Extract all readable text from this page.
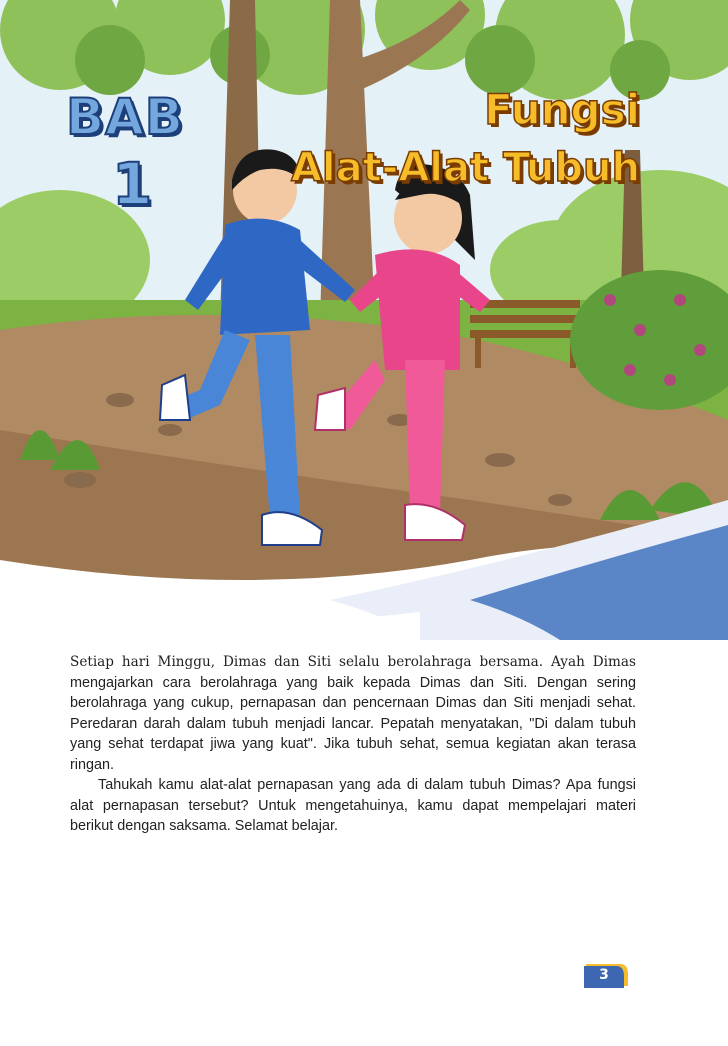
BAB
1
Fungsi
Alat-Alat Tubuh

Setiap hari Minggu, Dimas dan Siti selalu berolahraga bersama. Ayah Dimas mengajarkan cara berolahraga yang baik kepada Dimas dan Siti. Dengan sering berolahraga yang cukup, pernapasan dan pencernaan Dimas dan Siti menjadi sehat. Peredaran darah dalam tubuh menjadi lancar. Pepatah menyatakan, "Di dalam tubuh yang sehat terdapat jiwa yang kuat". Jika tubuh sehat, semua kegiatan akan terasa ringan.

Tahukah kamu alat-alat pernapasan yang ada di dalam tubuh Dimas? Apa fungsi alat pernapasan tersebut? Untuk mengetahuinya, kamu dapat mempelajari materi berikut dengan saksama. Selamat belajar.

3
